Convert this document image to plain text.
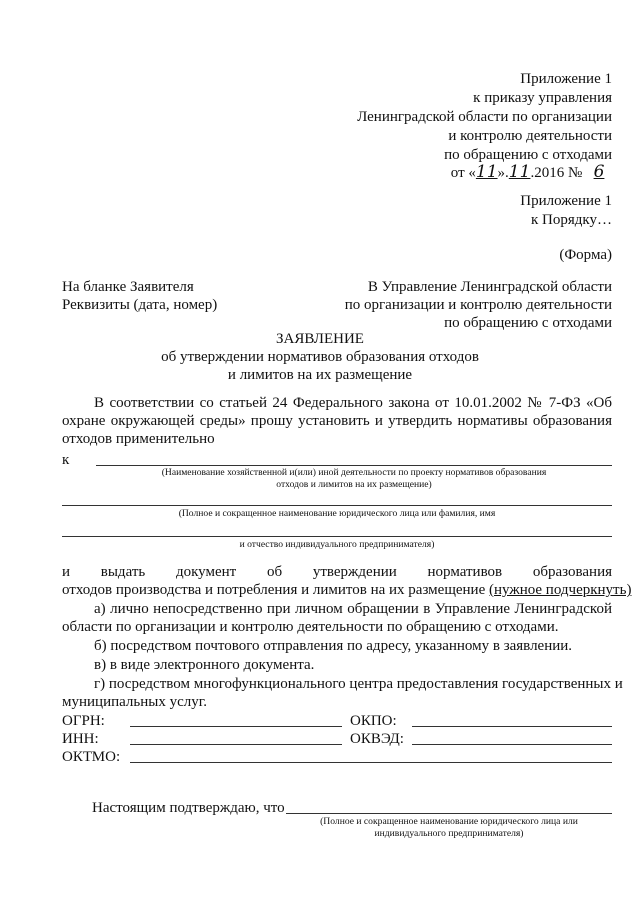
Приложение 1
к приказу управления
Ленинградской области по организации
и контролю деятельности
по обращению с отходами
от «11».11.2016 № 6
Приложение 1
к Порядку…
(Форма)
На бланке Заявителя
Реквизиты (дата, номер)
В Управление Ленинградской области
по организации и контролю деятельности
по обращению с отходами
ЗАЯВЛЕНИЕ
об утверждении нормативов образования отходов
и лимитов на их размещение
В соответствии со статьей 24 Федерального закона от 10.01.2002 № 7-ФЗ «Об
охране окружающей среды» прошу установить и утвердить нормативы образования
отходов применительно
к
(Наименование хозяйственной и(или) иной деятельности по проекту нормативов образования
отходов и лимитов на их размещение)
(Полное и сокращенное наименование юридического лица или фамилия, имя
и отчество индивидуального предпринимателя)
и выдать документ об утверждении нормативов образования
отходов производства и потребления и лимитов на их размещение (нужное подчеркнуть)
а) лично непосредственно при личном обращении в Управление Ленинградской
области по организации и контролю деятельности по обращению с отходами.
б) посредством почтового отправления по адресу, указанному в заявлении.
в) в виде электронного документа.
г) посредством многофункционального центра предоставления государственных и
муниципальных услуг.
ОГРН:	ОКПО:
ИНН:	ОКВЭД:
ОКТМО:
Настоящим подтверждаю, что
(Полное и сокращенное наименование юридического лица или
индивидуального предпринимателя)
